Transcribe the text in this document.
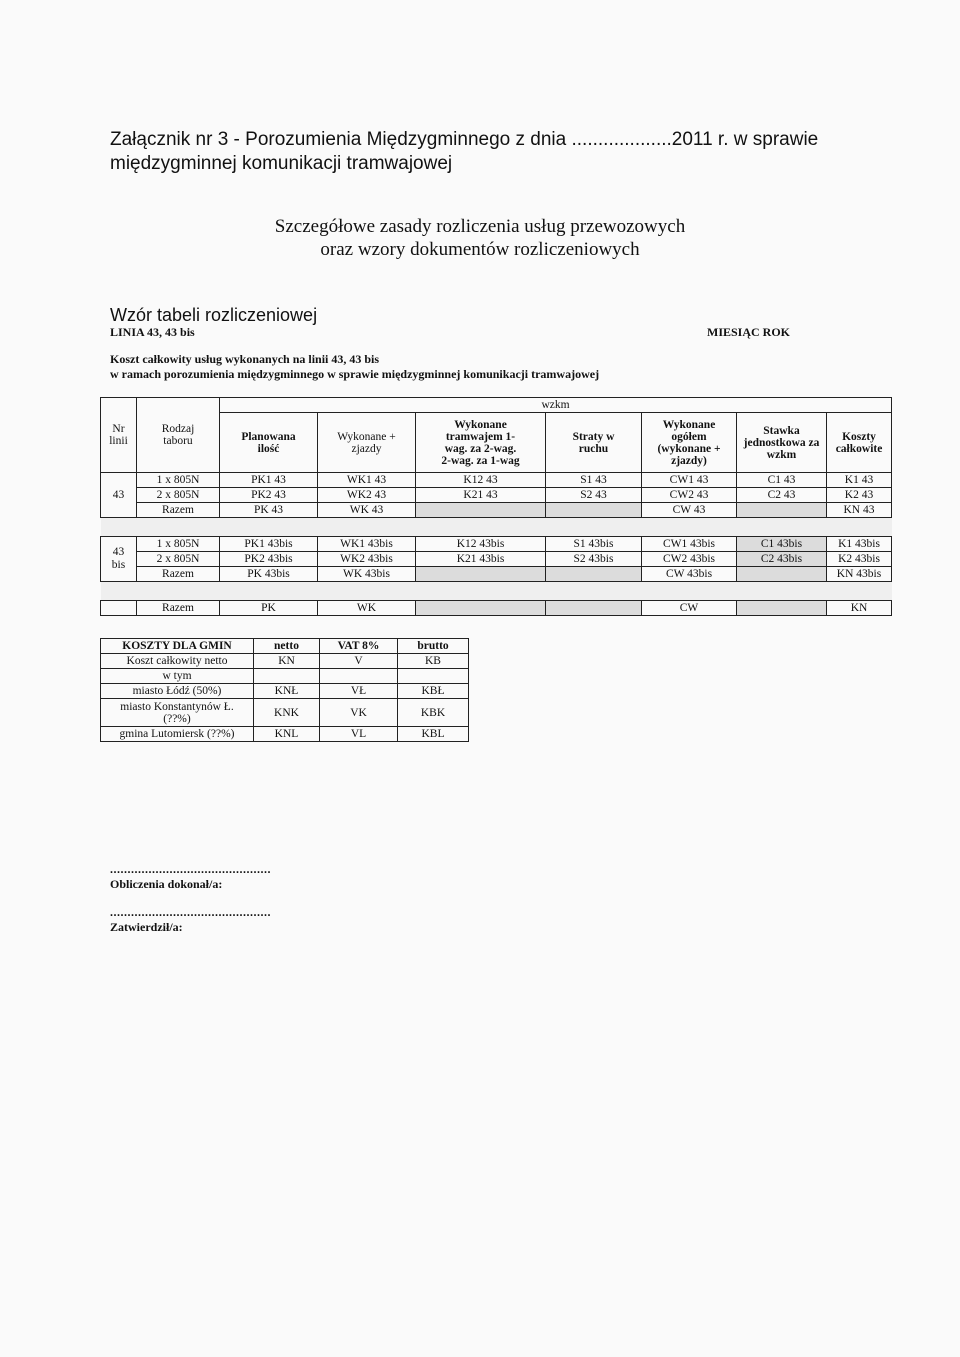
Załącznik nr 3 - Porozumienia Międzygminnego z dnia ...................2011 r. w sprawie
międzygminnej komunikacji tramwajowej
Szczegółowe zasady rozliczenia usług przewozowych
oraz wzory dokumentów rozliczeniowych
Wzór tabeli rozliczeniowej
LINIA 43, 43 bis	MIESIĄC ROK
Koszt całkowity usług wykonanych na linii 43, 43 bis
w ramach porozumienia międzygminnego w sprawie międzygminnej komunikacji tramwajowej
Nr linii	Rodzaj taboru	wzkm						
		Planowana ilość	Wykonane + zjazdy	Wykonane tramwajem 1-wag. za 2-wag. 2-wag. za 1-wag	Straty w ruchu	Wykonane ogółem (wykonane + zjazdy)	Stawka jednostkowa za wzkm	Koszty całkowite
43	1 x 805N	PK1 43	WK1 43	K12 43	S1 43	CW1 43	C1 43	K1 43
	2 x 805N	PK2 43	WK2 43	K21 43	S2 43	CW2 43	C2 43	K2 43
	Razem	PK 43	WK 43			CW 43		KN 43

43 bis	1 x 805N	PK1 43bis	WK1 43bis	K12 43bis	S1 43bis	CW1 43bis	C1 43bis	K1 43bis
	2 x 805N	PK2 43bis	WK2 43bis	K21 43bis	S2 43bis	CW2 43bis	C2 43bis	K2 43bis
	Razem	PK 43bis	WK 43bis			CW 43bis		KN 43bis

	Razem	PK	WK			CW		KN
KOSZTY DLA GMIN	netto	VAT 8%	brutto
Koszt całkowity netto	KN	V	KB
w tym			
miasto Łódź (50%)	KNŁ	VŁ	KBŁ
miasto Konstantynów Ł. (??%)	KNK	VK	KBK
gmina Lutomiersk (??%)	KNL	VL	KBL
..............................................
Obliczenia dokonał/a:
..............................................
Zatwierdził/a:
